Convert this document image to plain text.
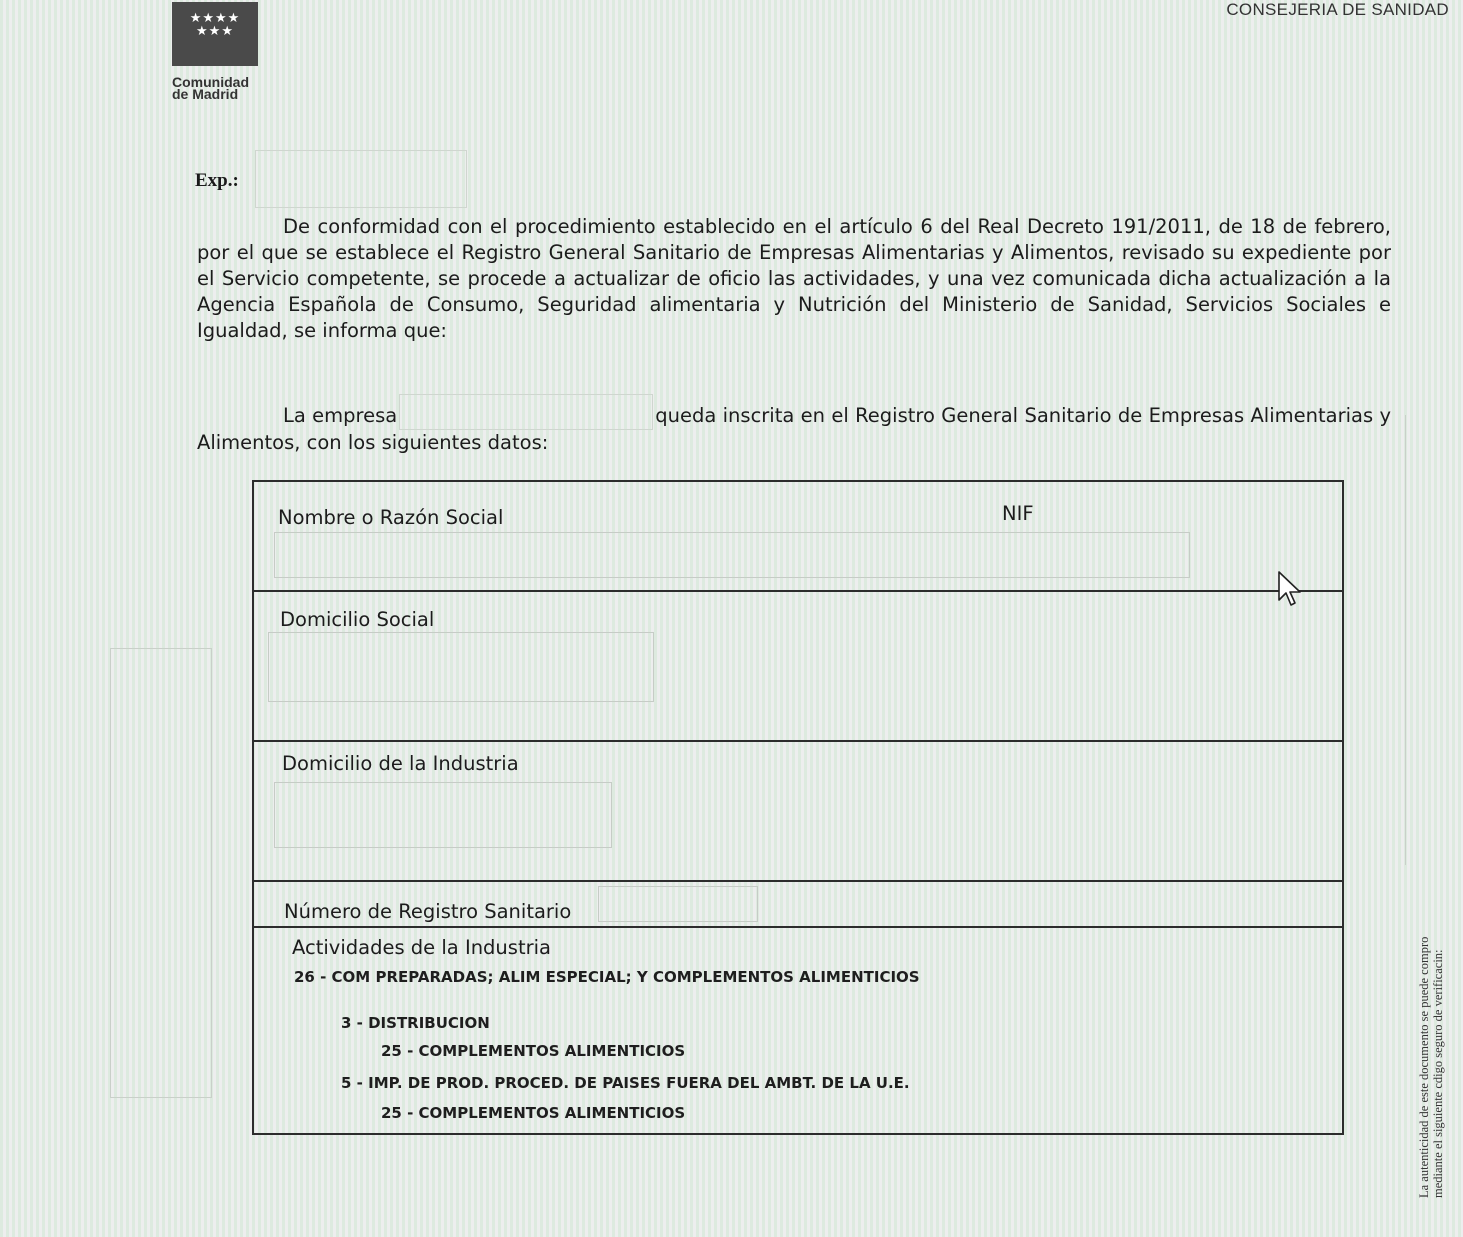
★★★★ ★★★
Comunidad
de Madrid
CONSEJERIA DE SANIDAD
Exp.:
De conformidad con el procedimiento establecido en el artículo 6 del Real Decreto 191/2011, de 18 de febrero, por el que se establece el Registro General Sanitario de Empresas Alimentarias y Alimentos, revisado su expediente por el Servicio competente, se procede a actualizar de oficio las actividades, y una vez comunicada dicha actualización a la Agencia Española de Consumo, Seguridad alimentaria y Nutrición del Ministerio de Sanidad, Servicios Sociales e Igualdad, se informa que:
La empresa	queda inscrita en el Registro General Sanitario de Empresas Alimentarias y Alimentos, con los siguientes datos:
La autenticidad de este documento se puede compro mediante el siguiente cdigo seguro de verificacin:
Nombre o Razón Social	NIF
Domicilio Social
Domicilio de la Industria
Número de Registro Sanitario
Actividades de la Industria
26 - COM PREPARADAS; ALIM ESPECIAL; Y COMPLEMENTOS ALIMENTICIOS
3 - DISTRIBUCION
25 - COMPLEMENTOS ALIMENTICIOS
5 - IMP. DE PROD. PROCED. DE PAISES FUERA DEL AMBT. DE LA U.E.
25 - COMPLEMENTOS ALIMENTICIOS
